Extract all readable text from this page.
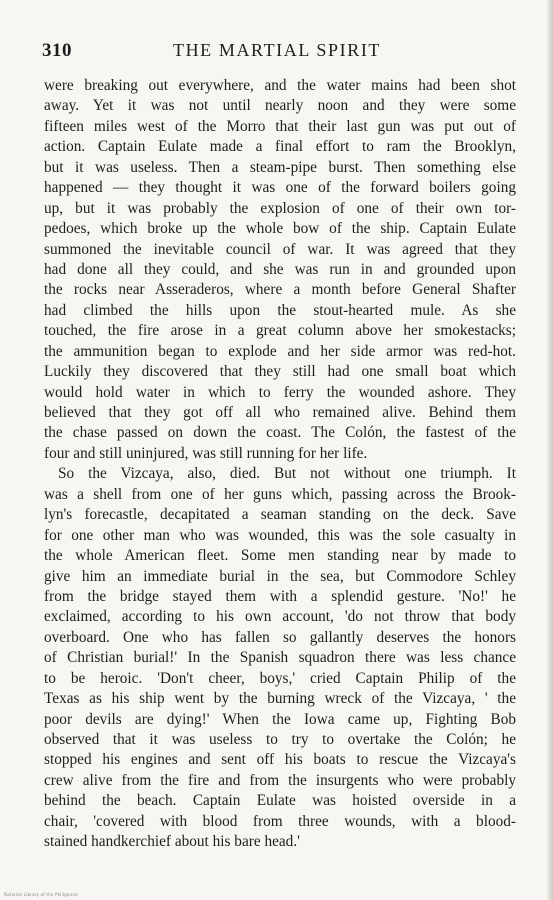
310	THE MARTIAL SPIRIT
were breaking out everywhere, and the water mains had been shot
away. Yet it was not until nearly noon and they were some
fifteen miles west of the Morro that their last gun was put out of
action. Captain Eulate made a final effort to ram the Brooklyn,
but it was useless. Then a steam-pipe burst. Then something else
happened — they thought it was one of the forward boilers going
up, but it was probably the explosion of one of their own tor-
pedoes, which broke up the whole bow of the ship. Captain Eulate
summoned the inevitable council of war. It was agreed that they
had done all they could, and she was run in and grounded upon
the rocks near Asseraderos, where a month before General Shafter
had climbed the hills upon the stout-hearted mule. As she
touched, the fire arose in a great column above her smokestacks;
the ammunition began to explode and her side armor was red-hot.
Luckily they discovered that they still had one small boat which
would hold water in which to ferry the wounded ashore. They
believed that they got off all who remained alive. Behind them
the chase passed on down the coast. The Colón, the fastest of the
four and still uninjured, was still running for her life.
So the Vizcaya, also, died. But not without one triumph. It
was a shell from one of her guns which, passing across the Brook-
lyn's forecastle, decapitated a seaman standing on the deck. Save
for one other man who was wounded, this was the sole casualty in
the whole American fleet. Some men standing near by made to
give him an immediate burial in the sea, but Commodore Schley
from the bridge stayed them with a splendid gesture. 'No!' he
exclaimed, according to his own account, 'do not throw that body
overboard. One who has fallen so gallantly deserves the honors
of Christian burial!' In the Spanish squadron there was less chance
to be heroic. 'Don't cheer, boys,' cried Captain Philip of the
Texas as his ship went by the burning wreck of the Vizcaya, ' the
poor devils are dying!' When the Iowa came up, Fighting Bob
observed that it was useless to try to overtake the Colón; he
stopped his engines and sent off his boats to rescue the Vizcaya's
crew alive from the fire and from the insurgents who were probably
behind the beach. Captain Eulate was hoisted overside in a
chair, 'covered with blood from three wounds, with a blood-
stained handkerchief about his bare head.'
National Library of the Philippines
